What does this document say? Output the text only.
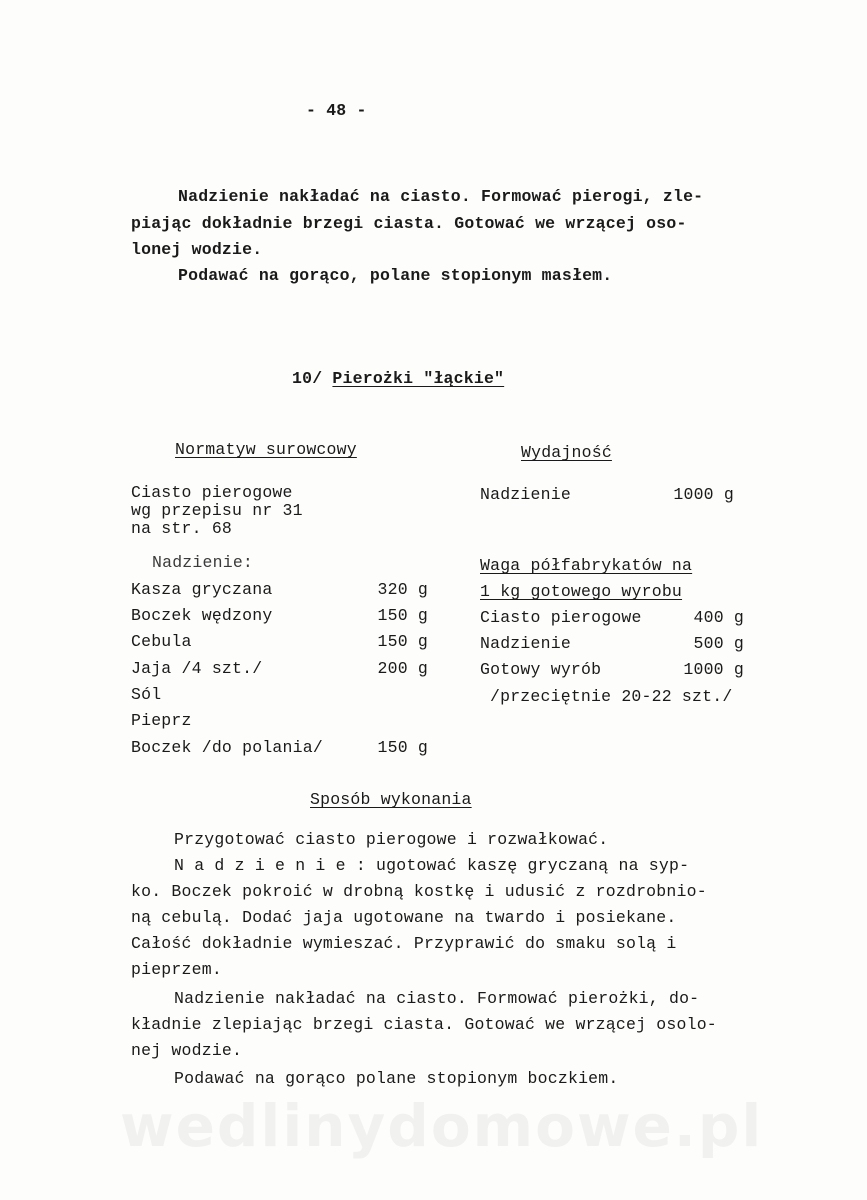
wedlinydomowe.pl
- 48 -
Nadzienie nakładać na ciasto. Formować pierogi, zle-
piając dokładnie brzegi ciasta. Gotować we wrzącej oso-
lonej wodzie.
Podawać na gorąco, polane stopionym masłem.
10/ Pierożki "łąckie"
Normatyw surowcowy
Ciasto pierogowe
wg przepisu nr 31
na str. 68
Nadzienie:
Kasza gryczana	320 g
Boczek wędzony	150 g
Cebula	150 g
Jaja /4 szt./	200 g
Sól
Pieprz
Boczek /do polania/	150 g
Wydajność
Nadzienie	1000 g
Waga półfabrykatów na
1 kg gotowego wyrobu
Ciasto pierogowe	400 g
Nadzienie	500 g
Gotowy wyrób	1000 g
/przeciętnie 20-22 szt./
Sposób wykonania
Przygotować ciasto pierogowe i rozwałkować.
N a d z i e n i e : ugotować kaszę gryczaną na syp-
ko. Boczek pokroić w drobną kostkę i udusić z rozdrobnio-
ną cebulą. Dodać jaja ugotowane na twardo i posiekane.
Całość dokładnie wymieszać. Przyprawić do smaku solą i
pieprzem.
Nadzienie nakładać na ciasto. Formować pierożki, do-
kładnie zlepiając brzegi ciasta. Gotować we wrzącej osolo-
nej wodzie.
Podawać na gorąco polane stopionym boczkiem.
